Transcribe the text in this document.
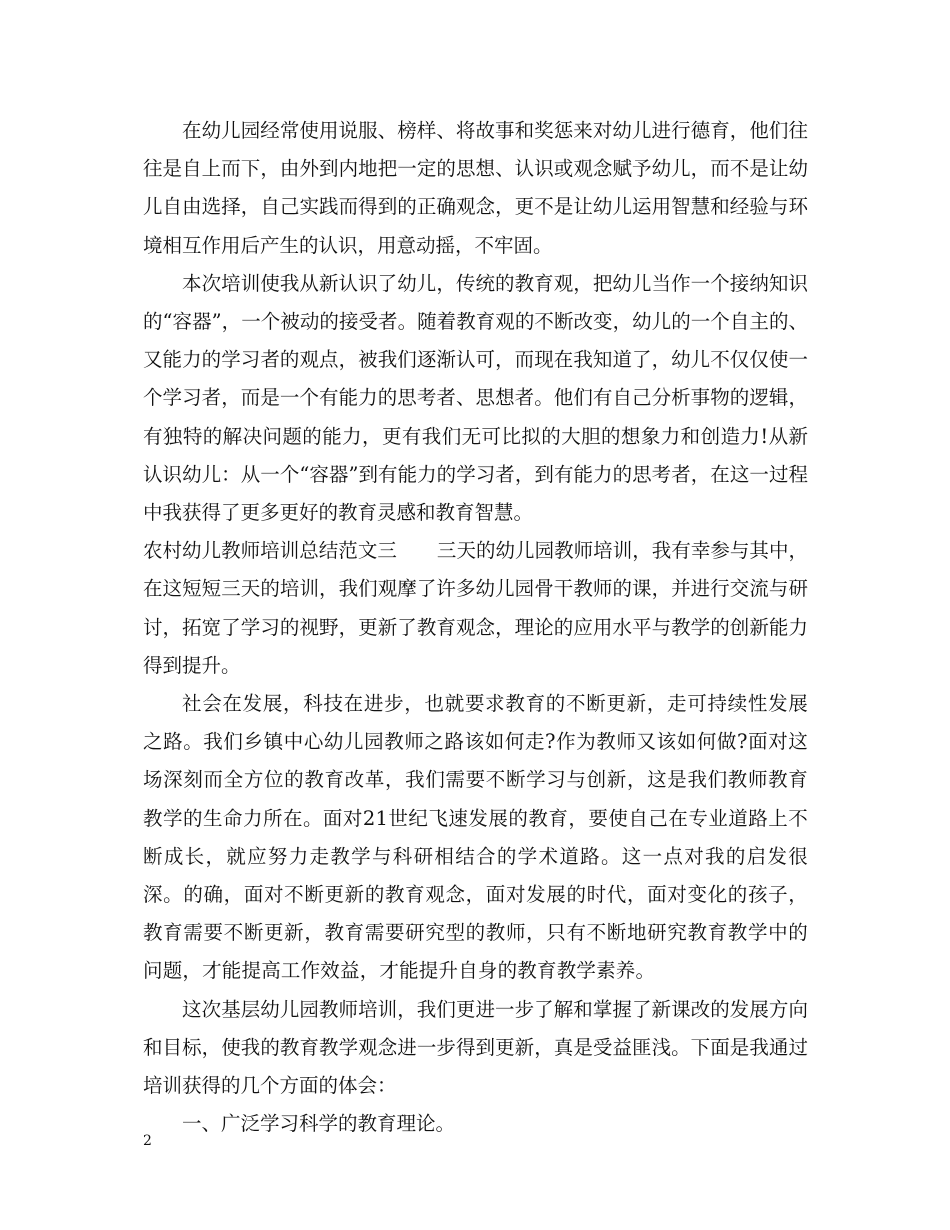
在幼儿园经常使用说服、榜样、将故事和奖惩来对幼儿进行德育，他们往往是自上而下，由外到内地把一定的思想、认识或观念赋予幼儿，而不是让幼儿自由选择，自己实践而得到的正确观念，更不是让幼儿运用智慧和经验与环境相互作用后产生的认识，用意动摇，不牢固。

本次培训使我从新认识了幼儿，传统的教育观，把幼儿当作一个接纳知识的“容器”，一个被动的接受者。随着教育观的不断改变，幼儿的一个自主的、又能力的学习者的观点，被我们逐渐认可，而现在我知道了，幼儿不仅仅使一个学习者，而是一个有能力的思考者、思想者。他们有自己分析事物的逻辑，有独特的解决问题的能力，更有我们无可比拟的大胆的想象力和创造力!从新认识幼儿：从一个“容器”到有能力的学习者，到有能力的思考者，在这一过程中我获得了更多更好的教育灵感和教育智慧。

农村幼儿教师培训总结范文三 三天的幼儿园教师培训，我有幸参与其中，在这短短三天的培训，我们观摩了许多幼儿园骨干教师的课，并进行交流与研讨，拓宽了学习的视野，更新了教育观念，理论的应用水平与教学的创新能力得到提升。

社会在发展，科技在进步，也就要求教育的不断更新，走可持续性发展之路。我们乡镇中心幼儿园教师之路该如何走?作为教师又该如何做?面对这场深刻而全方位的教育改革，我们需要不断学习与创新，这是我们教师教育教学的生命力所在。面对21世纪飞速发展的教育，要使自己在专业道路上不断成长，就应努力走教学与科研相结合的学术道路。这一点对我的启发很深。的确，面对不断更新的教育观念，面对发展的时代，面对变化的孩子，教育需要不断更新，教育需要研究型的教师，只有不断地研究教育教学中的问题，才能提高工作效益，才能提升自身的教育教学素养。

这次基层幼儿园教师培训，我们更进一步了解和掌握了新课改的发展方向和目标，使我的教育教学观念进一步得到更新，真是受益匪浅。下面是我通过培训获得的几个方面的体会：

一、广泛学习科学的教育理论。

2
